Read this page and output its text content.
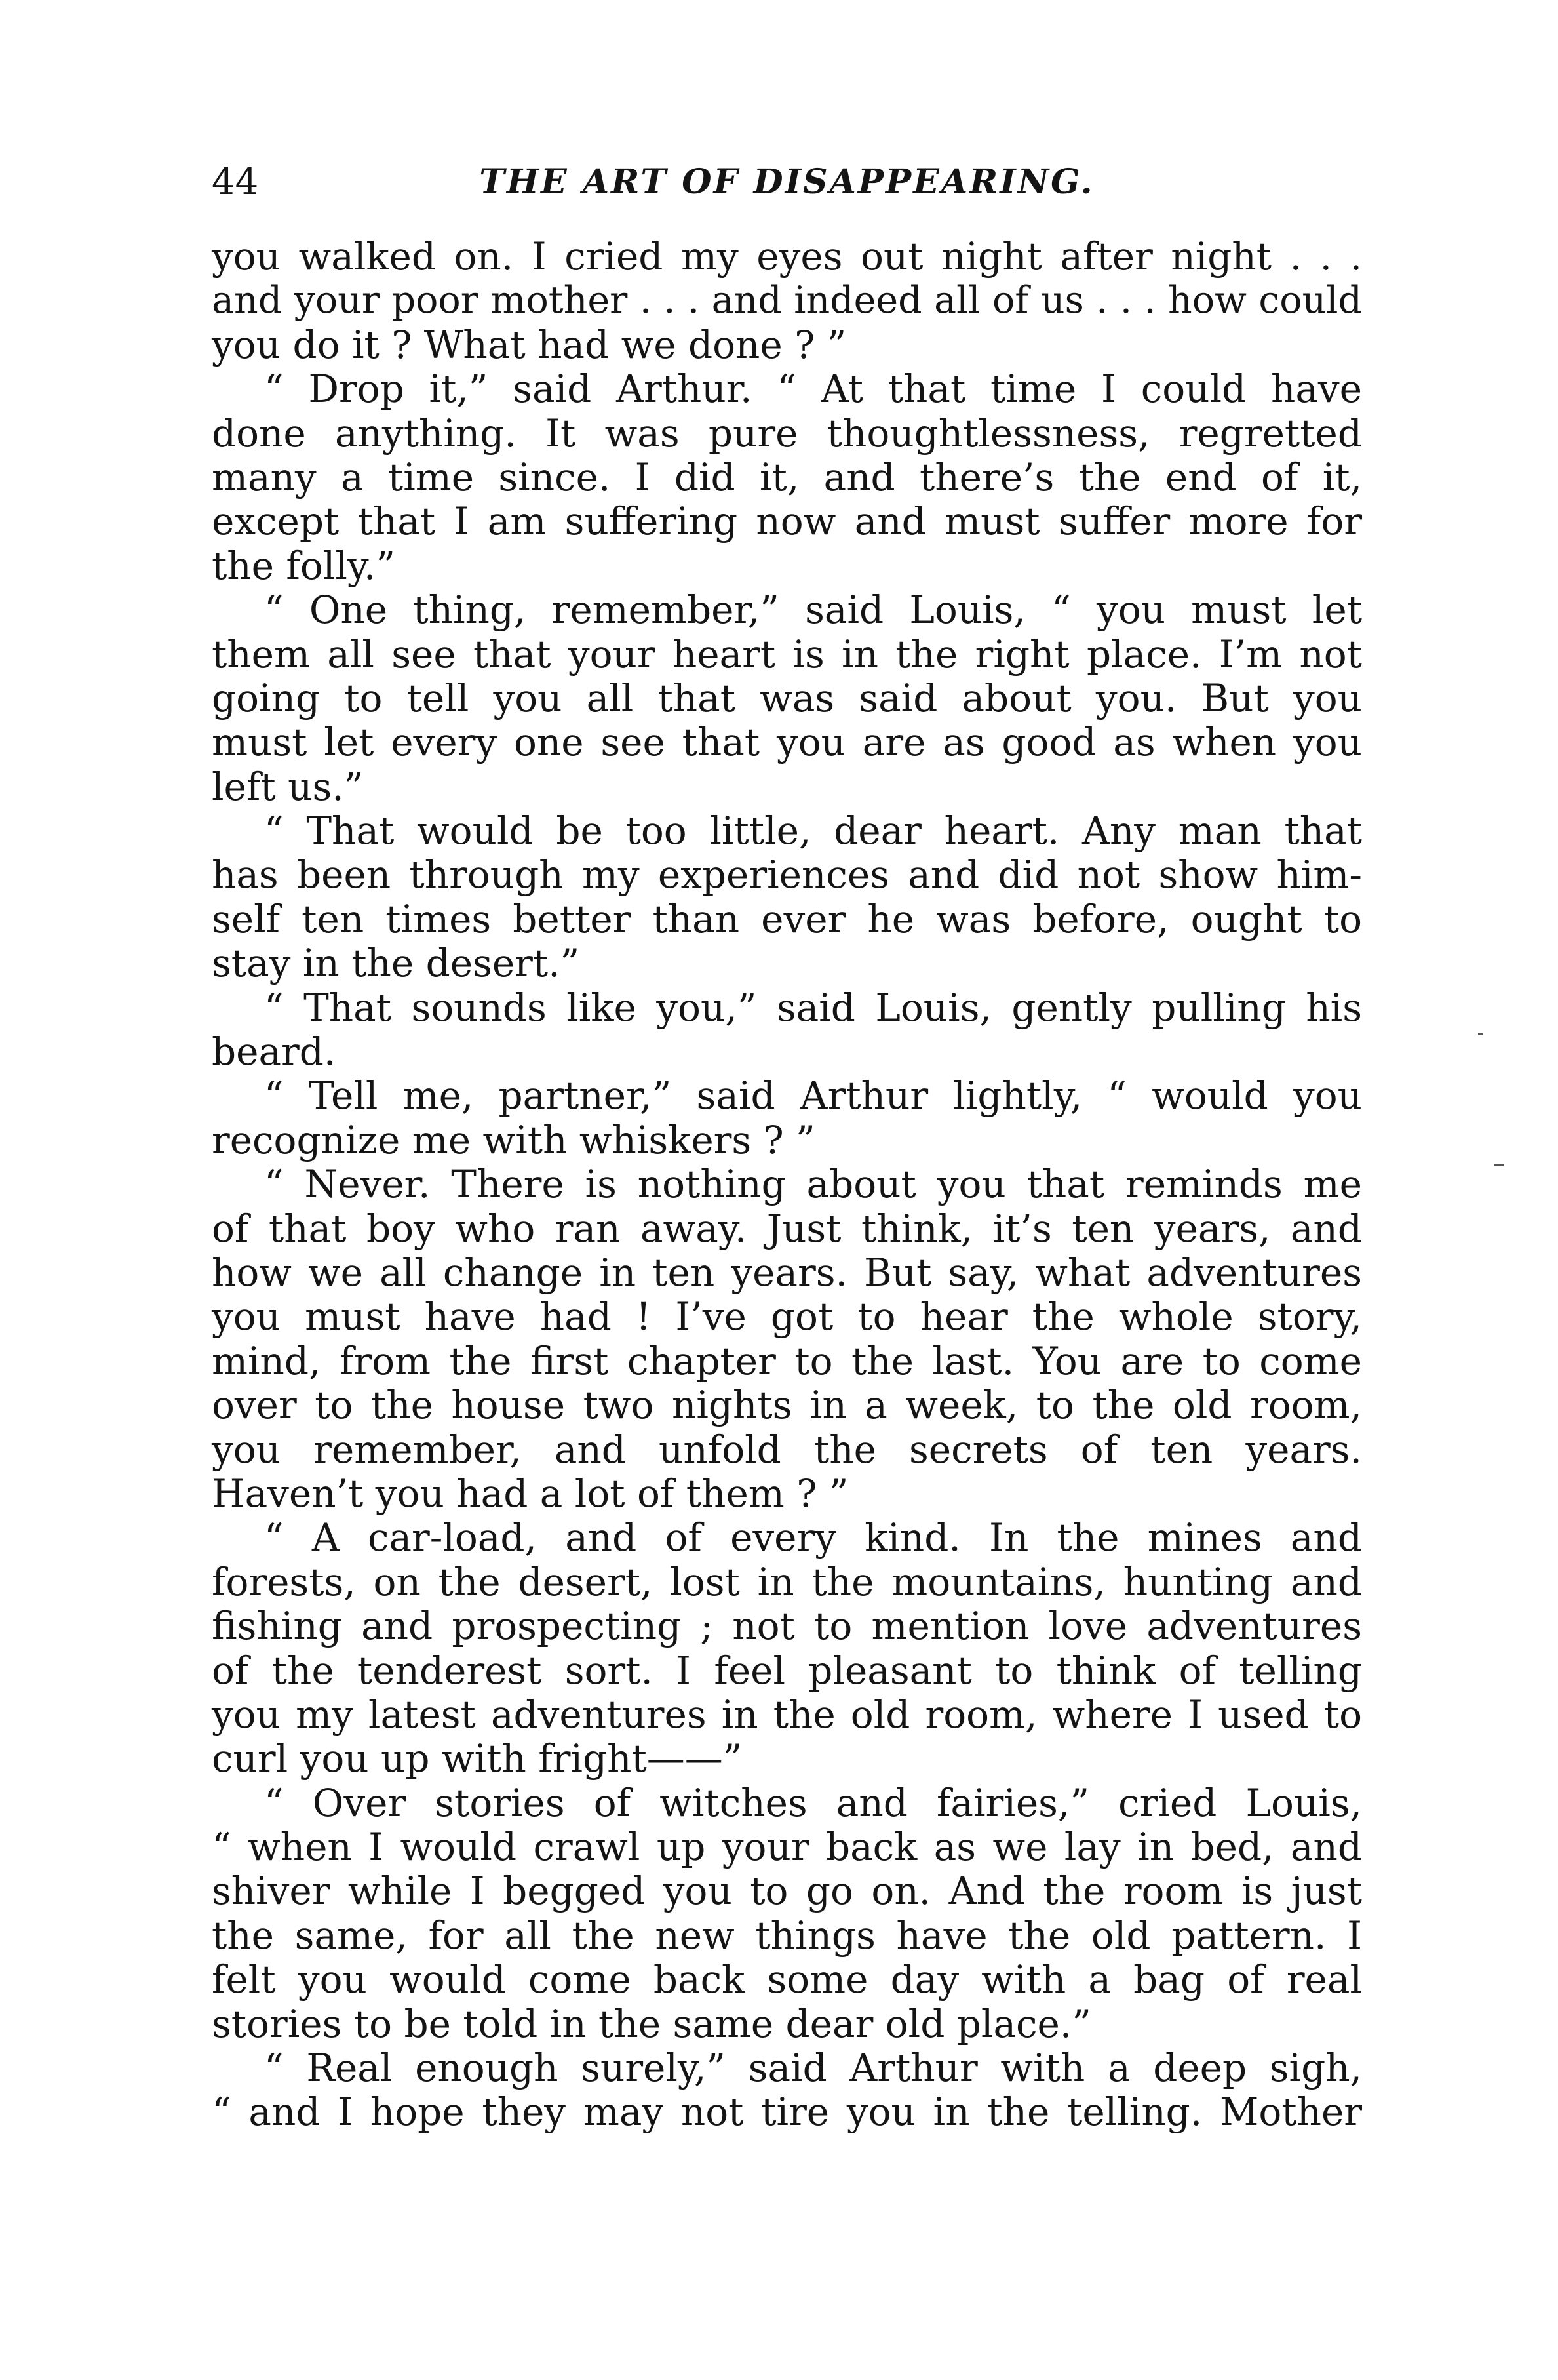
44	THE ART OF DISAPPEARING.
you walked on. I cried my eyes out night after night . . .
and your poor mother . . . and indeed all of us . . . how could
you do it ? What had we done ? ”
“ Drop it,” said Arthur. “ At that time I could have
done anything. It was pure thoughtlessness, regretted
many a time since. I did it, and there’s the end of it,
except that I am suffering now and must suffer more for
the folly.”
“ One thing, remember,” said Louis, “ you must let
them all see that your heart is in the right place. I’m not
going to tell you all that was said about you. But you
must let every one see that you are as good as when you
left us.”
“ That would be too little, dear heart. Any man that
has been through my experiences and did not show him-
self ten times better than ever he was before, ought to
stay in the desert.”
“ That sounds like you,” said Louis, gently pulling his
beard.
“ Tell me, partner,” said Arthur lightly, “ would you
recognize me with whiskers ? ”
“ Never. There is nothing about you that reminds me
of that boy who ran away. Just think, it’s ten years, and
how we all change in ten years. But say, what adventures
you must have had ! I’ve got to hear the whole story,
mind, from the first chapter to the last. You are to come
over to the house two nights in a week, to the old room,
you remember, and unfold the secrets of ten years.
Haven’t you had a lot of them ? ”
“ A car-load, and of every kind. In the mines and
forests, on the desert, lost in the mountains, hunting and
fishing and prospecting ; not to mention love adventures
of the tenderest sort. I feel pleasant to think of telling
you my latest adventures in the old room, where I used to
curl you up with fright——”
“ Over stories of witches and fairies,” cried Louis,
“ when I would crawl up your back as we lay in bed, and
shiver while I begged you to go on. And the room is just
the same, for all the new things have the old pattern. I
felt you would come back some day with a bag of real
stories to be told in the same dear old place.”
“ Real enough surely,” said Arthur with a deep sigh,
“ and I hope they may not tire you in the telling. Mother
